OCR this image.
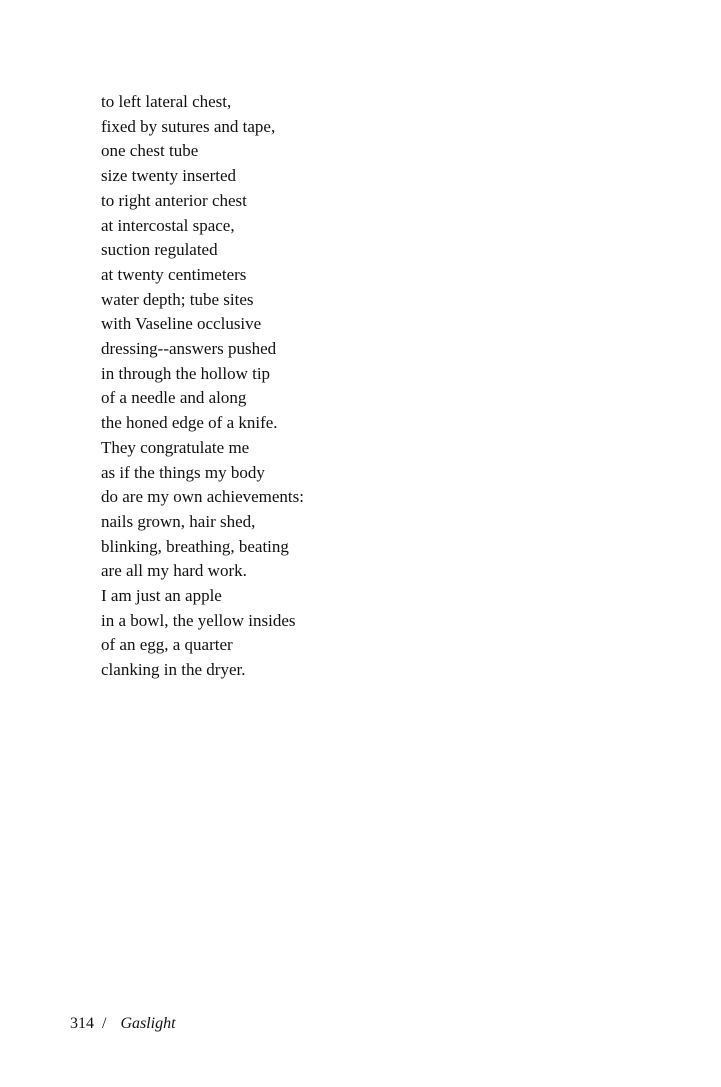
to left lateral chest,
fixed by sutures and tape,
one chest tube
size twenty inserted
to right anterior chest
at intercostal space,
suction regulated
at twenty centimeters
water depth; tube sites
with Vaseline occlusive
dressing--answers pushed
in through the hollow tip
of a needle and along
the honed edge of a knife.
They congratulate me
as if the things my body
do are my own achievements:
nails grown, hair shed,
blinking, breathing, beating
are all my hard work.
I am just an apple
in a bowl, the yellow insides
of an egg, a quarter
clanking in the dryer.
314 / Gaslight
